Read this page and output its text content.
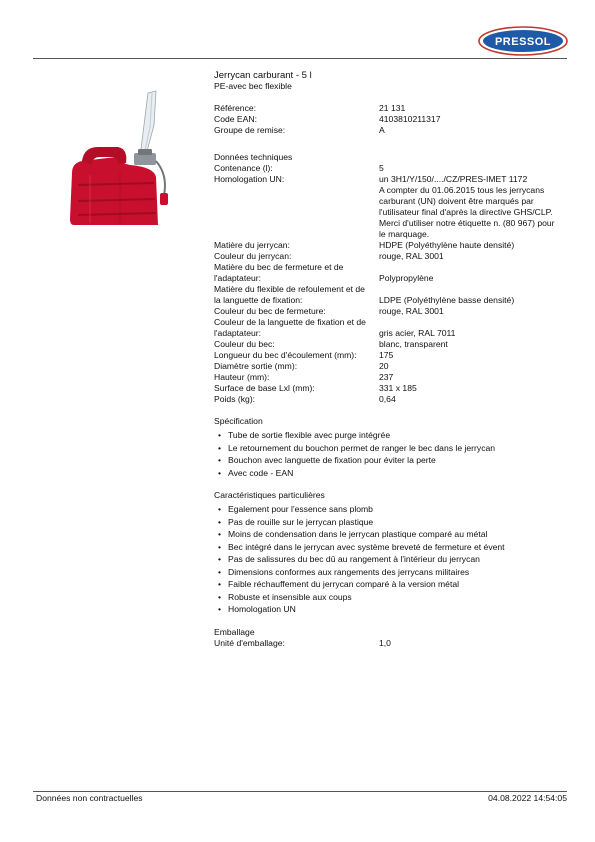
PRESSOL
Jerrycan carburant - 5 l
PE-avec bec flexible
Référence:	21 131
Code EAN:	4103810211317
Groupe de remise:	A
Données techniques
Contenance (l):	5
Homologation UN:	un 3H1/Y/150/..../CZ/PRES-IMET 1172
A compter du 01.06.2015 tous les jerrycans
carburant (UN) doivent être marqués par
l'utilisateur final d'après la directive GHS/CLP.
Merci d'utiliser notre étiquette n. (80 967) pour
le marquage.
Matière du jerrycan:	HDPE (Polyéthylène haute densité)
Couleur du jerrycan:	rouge, RAL 3001
Matière du bec de fermeture et de
l'adaptateur:	Polypropylène
Matière du flexible de refoulement et de
la languette de fixation:	LDPE (Polyéthylène basse densité)
Couleur du bec de fermeture:	rouge, RAL 3001
Couleur de la languette de fixation et de
l'adaptateur:	gris acier, RAL 7011
Couleur du bec:	blanc, transparent
Longueur du bec d'écoulement (mm):	175
Diamètre sortie (mm):	20
Hauteur (mm):	237
Surface de base Lxl (mm):	331 x 185
Poids (kg):	0,64
Spécification
• Tube de sortie flexible avec purge intégrée
• Le retournement du bouchon permet de ranger le bec dans le jerrycan
• Bouchon avec languette de fixation pour éviter la perte
• Avec code - EAN
Caractéristiques particulières
• Egalement pour l'essence sans plomb
• Pas de rouille sur le jerrycan plastique
• Moins de condensation dans le jerrycan plastique comparé au métal
• Bec intégré dans le jerrycan avec système breveté de fermeture et évent
• Pas de salissures du bec dû au rangement à l'intérieur du jerrycan
• Dimensions conformes aux rangements des jerrycans militaires
• Faible réchauffement du jerrycan comparé à la version métal
• Robuste et insensible aux coups
• Homologation UN
Emballage
Unité d'emballage:	1,0
Données non contractuelles	04.08.2022 14:54:05
